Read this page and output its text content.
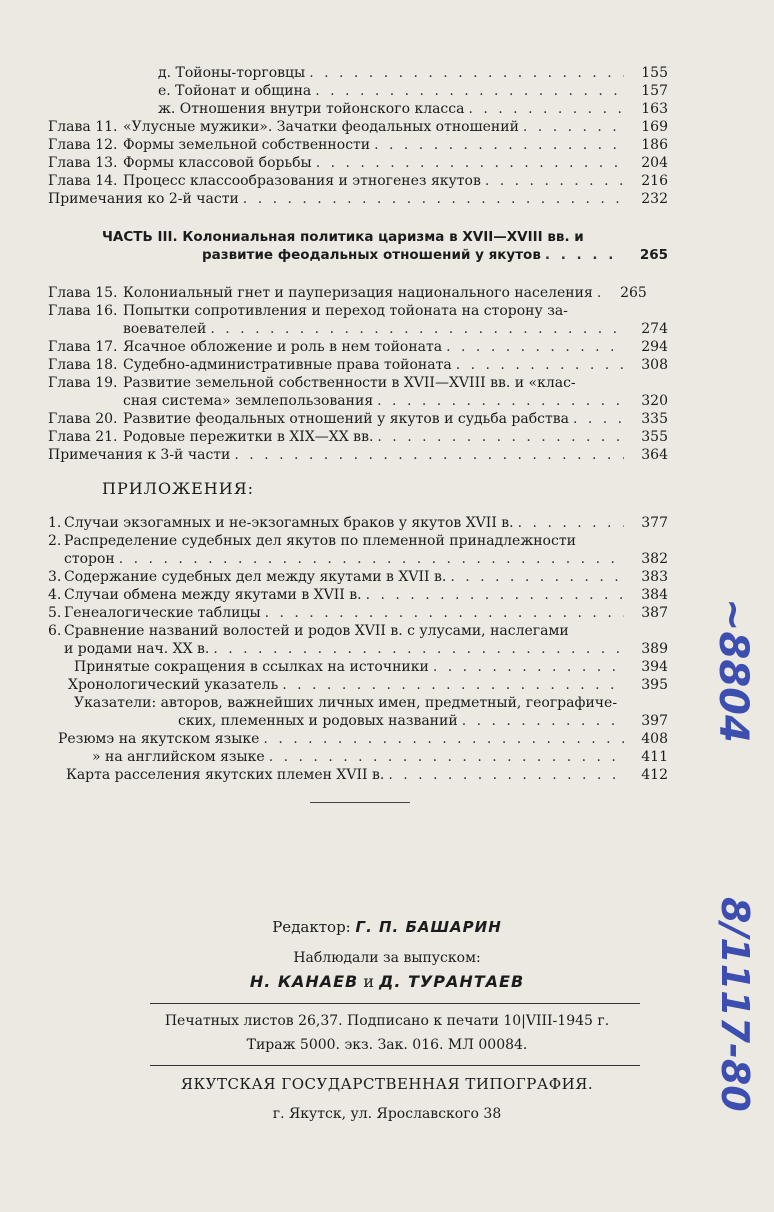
д. Тойоны-торговцы . . .	155
е. Тойонат и община . . .	157
ж. Отношения внутри тойонского класса . . .	163
Глава 11. «Улусные мужики». Зачатки феодальных отношений . . .	169
Глава 12. Формы земельной собственности . . .	186
Глава 13. Формы классовой борьбы . . .	204
Глава 14. Процесс классообразования и этногенез якутов . . .	216
Примечания ко 2-й части . . .	232
ЧАСТЬ III. Колониальная политика царизма в XVII—XVIII вв. и
развитие феодальных отношений у якутов . . .	265
Глава 15. Колониальный гнет и пауперизация национального населения . . .	265
Глава 16. Попытки сопротивления и переход тойоната на сторону за-
воевателей . . .	274
Глава 17. Ясачное обложение и роль в нем тойоната . . .	294
Глава 18. Судебно-административные права тойоната . . .	308
Глава 19. Развитие земельной собственности в XVII—XVIII вв. и «клас-
сная система» землепользования . . .	320
Глава 20. Развитие феодальных отношений у якутов и судьба рабства . . .	335
Глава 21. Родовые пережитки в XIX—XX вв. . . .	355
Примечания к 3-й части . . .	364
ПРИЛОЖЕНИЯ:
1. Случаи экзогамных и не-экзогамных браков у якутов XVII в. . . .	377
2. Распределение судебных дел якутов по племенной принадлежности
сторон . . .	382
3. Содержание судебных дел между якутами в XVII в. . . .	383
4. Случаи обмена между якутами в XVII в. . . .	384
5. Генеалогические таблицы . . .	387
6. Сравнение названий волостей и родов XVII в. с улусами, наслегами
и родами нач. XX в. . . .	389
Принятые сокращения в ссылках на источники . . .	394
Хронологический указатель . . .	395
Указатели: авторов, важнейших личных имен, предметный, географиче-
ских, племенных и родовых названий . . .	397
Резюмэ на якутском языке . . .	408
» на английском языке . . .	411
Карта расселения якутских племен XVII в. . . .	412
Редактор: Г. П. БАШАРИН
Наблюдали за выпуском:
Н. КАНАЕВ и Д. ТУРАНТАЕВ
Печатных листов 26,37. Подписано к печати 10|VIII-1945 г.
Тираж 5000. экз. Зак. 016. МЛ 00084.
ЯКУТСКАЯ ГОСУДАРСТВЕННАЯ ТИПОГРАФИЯ.
г. Якутск, ул. Ярославского 38
~8804
8/1117-80
